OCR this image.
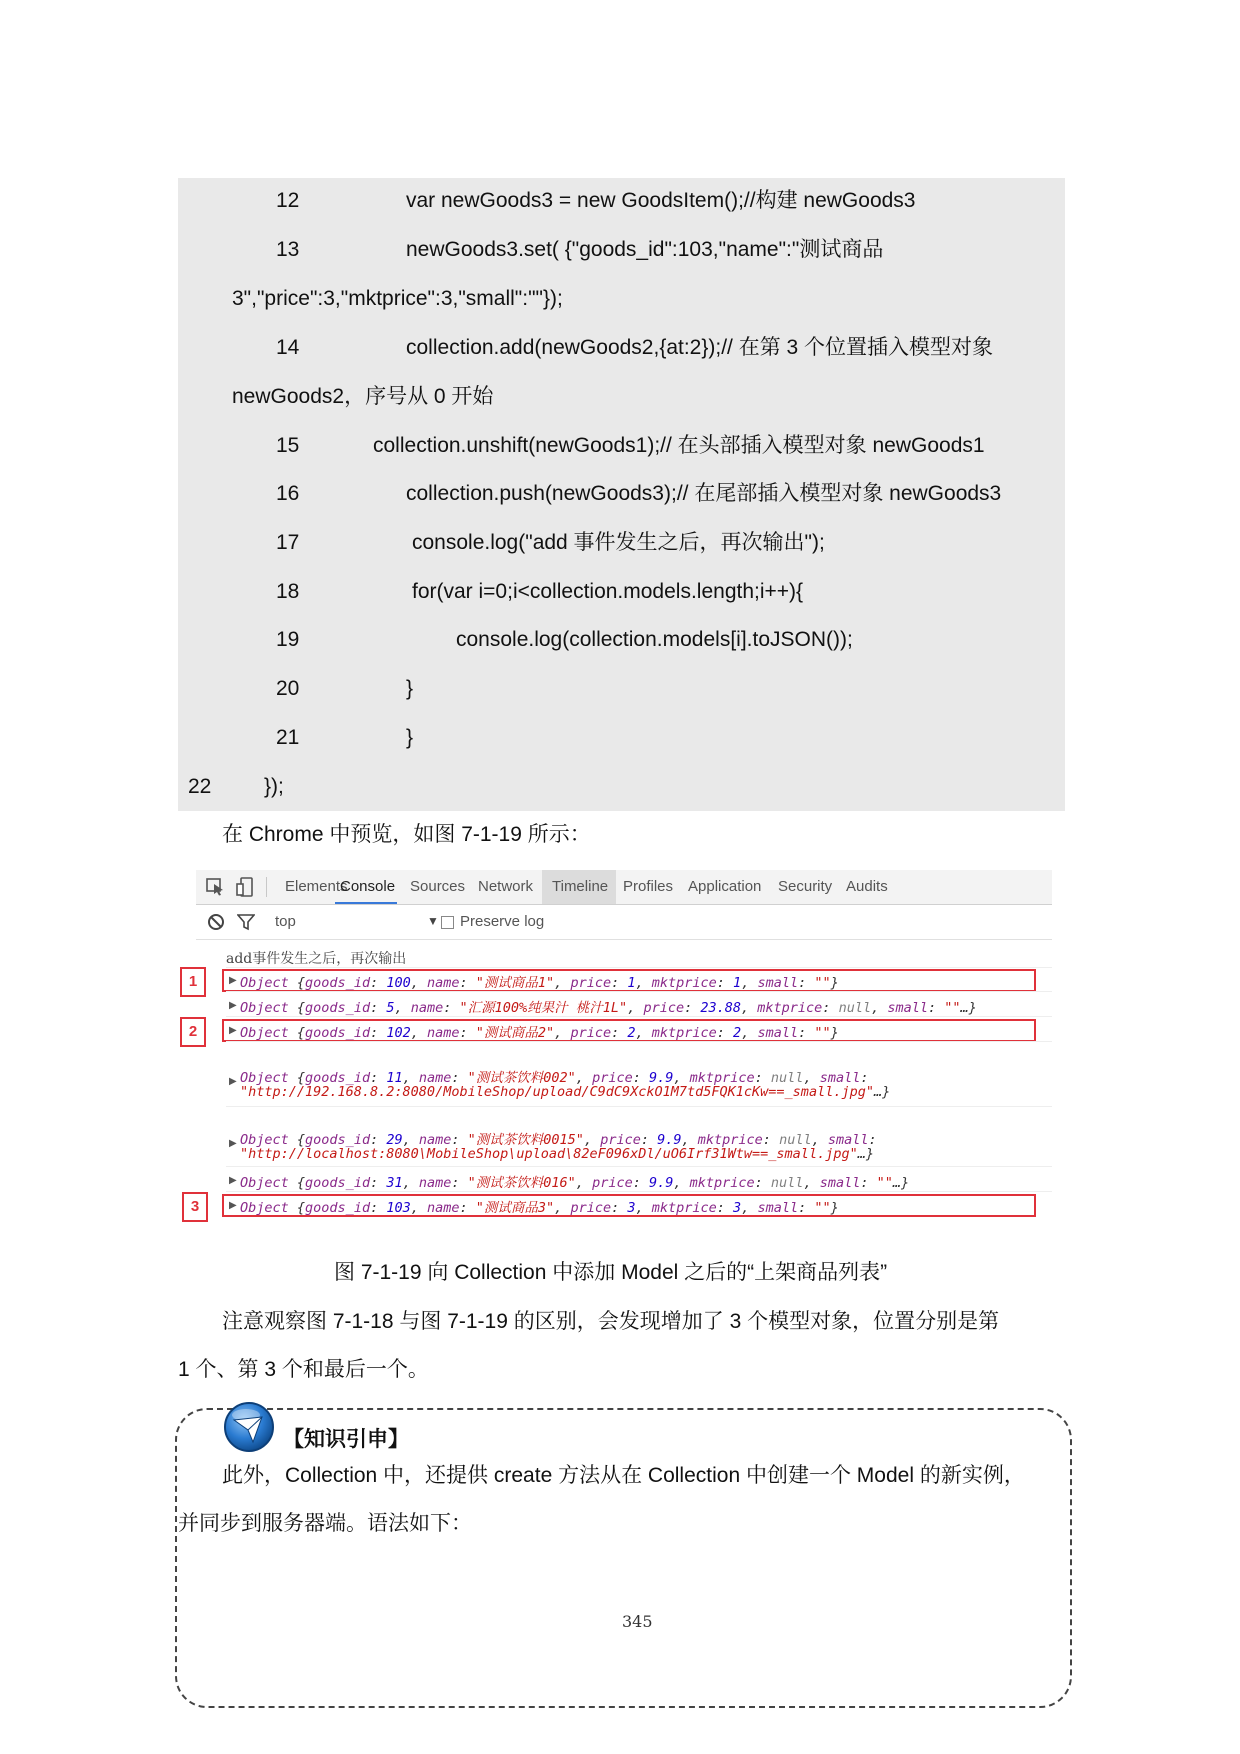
12	var newGoods3 = new GoodsItem();//构建 newGoods3
13	newGoods3.set( {"goods_id":103,"name":"测试商品
3","price":3,"mktprice":3,"small":""});
14	collection.add(newGoods2,{at:2});// 在第 3 个位置插入模型对象
newGoods2，序号从 0 开始
15	collection.unshift(newGoods1);// 在头部插入模型对象 newGoods1
16	collection.push(newGoods3);// 在尾部插入模型对象 newGoods3
17	console.log("add 事件发生之后，再次输出");
18	for(var i=0;i<collection.models.length;i++){
19	console.log(collection.models[i].toJSON());
20	}
21	}
22	});
在 Chrome 中预览，如图 7-1-19 所示：
Elements
Console Sources Network Timeline Profiles Application Security Audits
top	▼ Preserve log
add事件发生之后，再次输出
▶ Object {goods_id: 100, name: "测试商品1", price: 1, mktprice: 1, small: ""}
▶ Object {goods_id: 5, name: "汇源100%纯果汁 桃汁1L", price: 23.88, mktprice: null, small: ""…}
▶ Object {goods_id: 102, name: "测试商品2", price: 2, mktprice: 2, small: ""}
▶ Object {goods_id: 11, name: "测试茶饮料002", price: 9.9, mktprice: null, small:
"http://192.168.8.2:8080/MobileShop/upload/C9dC9XckO1M7td5FQK1cKw==_small.jpg"…}
▶ Object {goods_id: 29, name: "测试茶饮料0015", price: 9.9, mktprice: null, small:
"http://localhost:8080\MobileShop\upload\82eF096xDl/uO6Irf31Wtw==_small.jpg"…}
▶ Object {goods_id: 31, name: "测试茶饮料016", price: 9.9, mktprice: null, small: ""…}
▶ Object {goods_id: 103, name: "测试商品3", price: 3, mktprice: 3, small: ""}
1
2
3
图 7-1-19 向 Collection 中添加 Model 之后的“上架商品列表”
注意观察图 7-1-18 与图 7-1-19 的区别，会发现增加了 3 个模型对象，位置分别是第
1 个、第 3 个和最后一个。
【知识引申】
此外，Collection 中，还提供 create 方法从在 Collection 中创建一个 Model 的新实例，
并同步到服务器端。语法如下：
345
